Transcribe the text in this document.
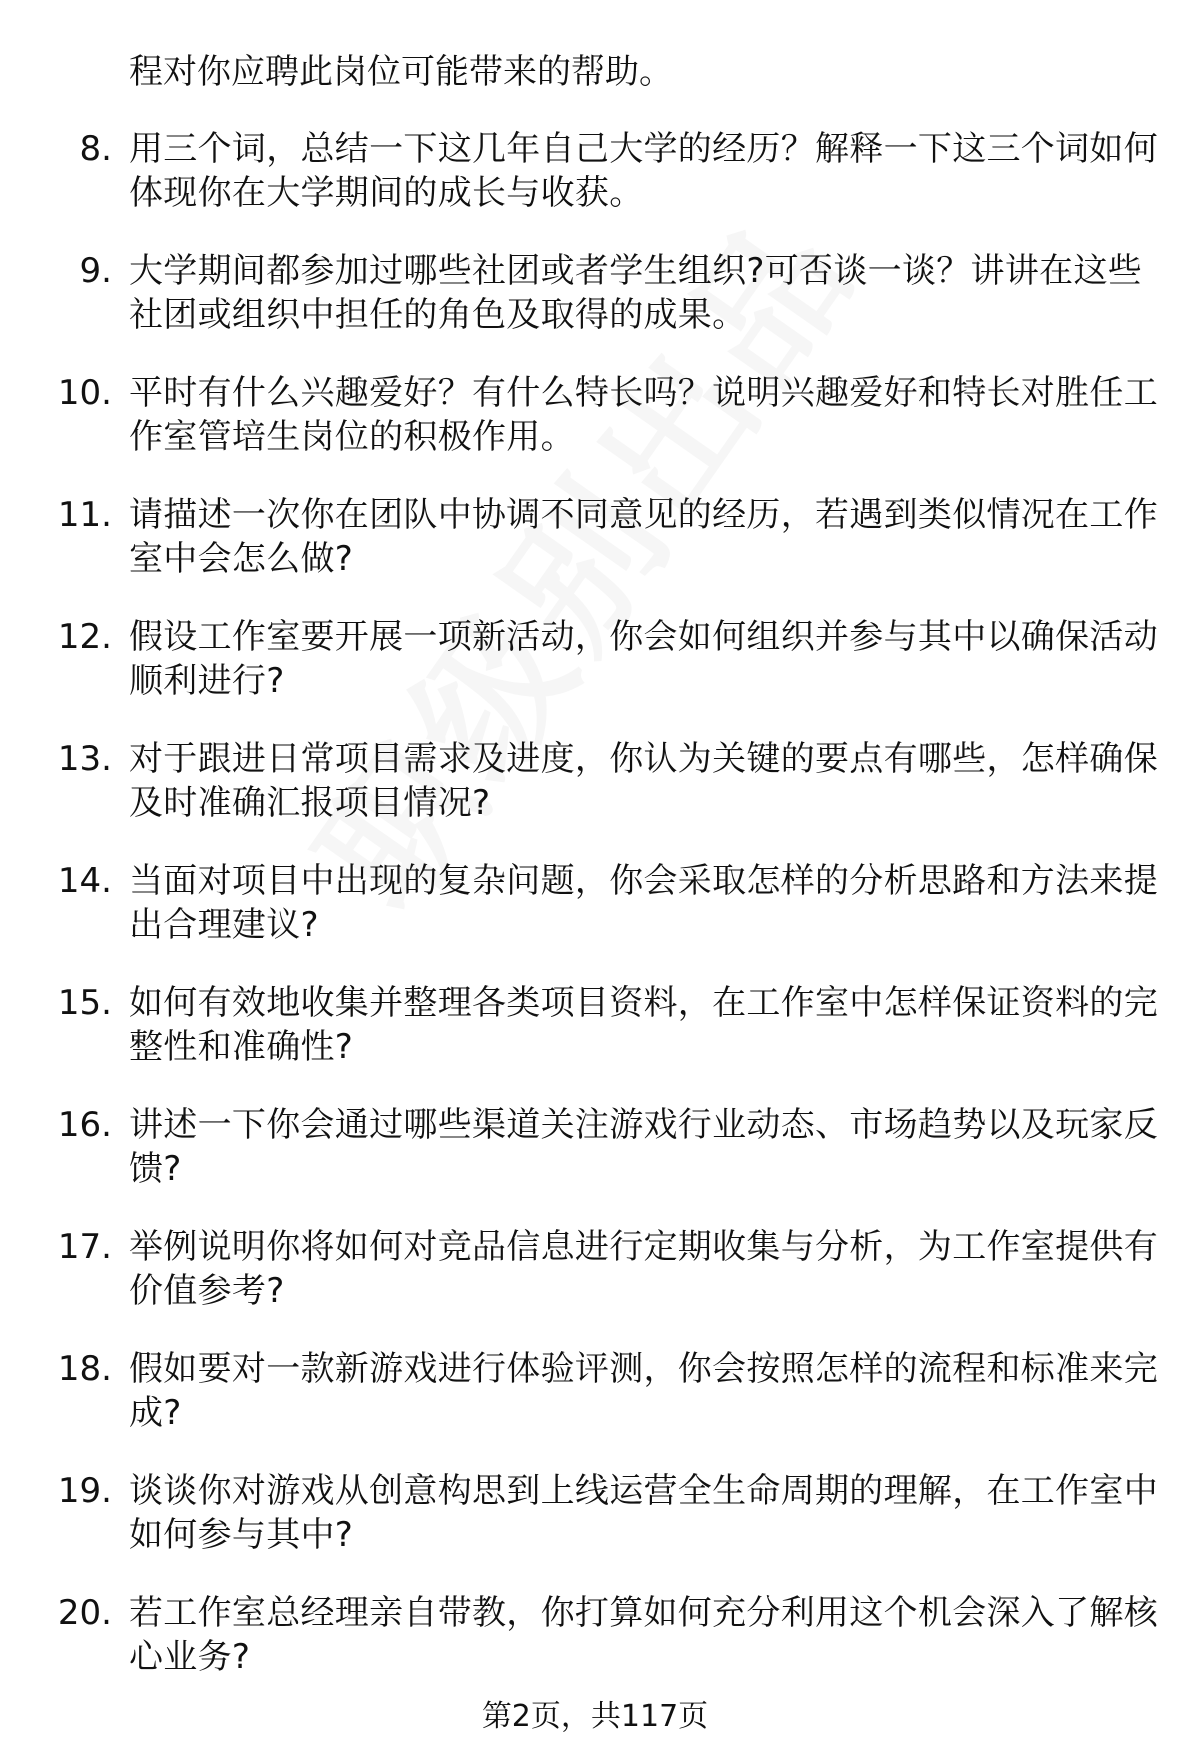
程对你应聘此岗位可能带来的帮助。

8. 用三个词，总结一下这几年自己大学的经历？解释一下这三个词如何体现你在大学期间的成长与收获。
9. 大学期间都参加过哪些社团或者学生组织?可否谈一谈？讲讲在这些社团或组织中担任的角色及取得的成果。
10. 平时有什么兴趣爱好？有什么特长吗？说明兴趣爱好和特长对胜任工作室管培生岗位的积极作用。
11. 请描述一次你在团队中协调不同意见的经历，若遇到类似情况在工作室中会怎么做?
12. 假设工作室要开展一项新活动，你会如何组织并参与其中以确保活动顺利进行?
13. 对于跟进日常项目需求及进度，你认为关键的要点有哪些，怎样确保及时准确汇报项目情况?
14. 当面对项目中出现的复杂问题，你会采取怎样的分析思路和方法来提出合理建议?
15. 如何有效地收集并整理各类项目资料，在工作室中怎样保证资料的完整性和准确性?
16. 讲述一下你会通过哪些渠道关注游戏行业动态、市场趋势以及玩家反馈?
17. 举例说明你将如何对竞品信息进行定期收集与分析，为工作室提供有价值参考?
18. 假如要对一款新游戏进行体验评测，你会按照怎样的流程和标准来完成?
19. 谈谈你对游戏从创意构思到上线运营全生命周期的理解，在工作室中如何参与其中?
20. 若工作室总经理亲自带教，你打算如何充分利用这个机会深入了解核心业务?
第2页，共117页
